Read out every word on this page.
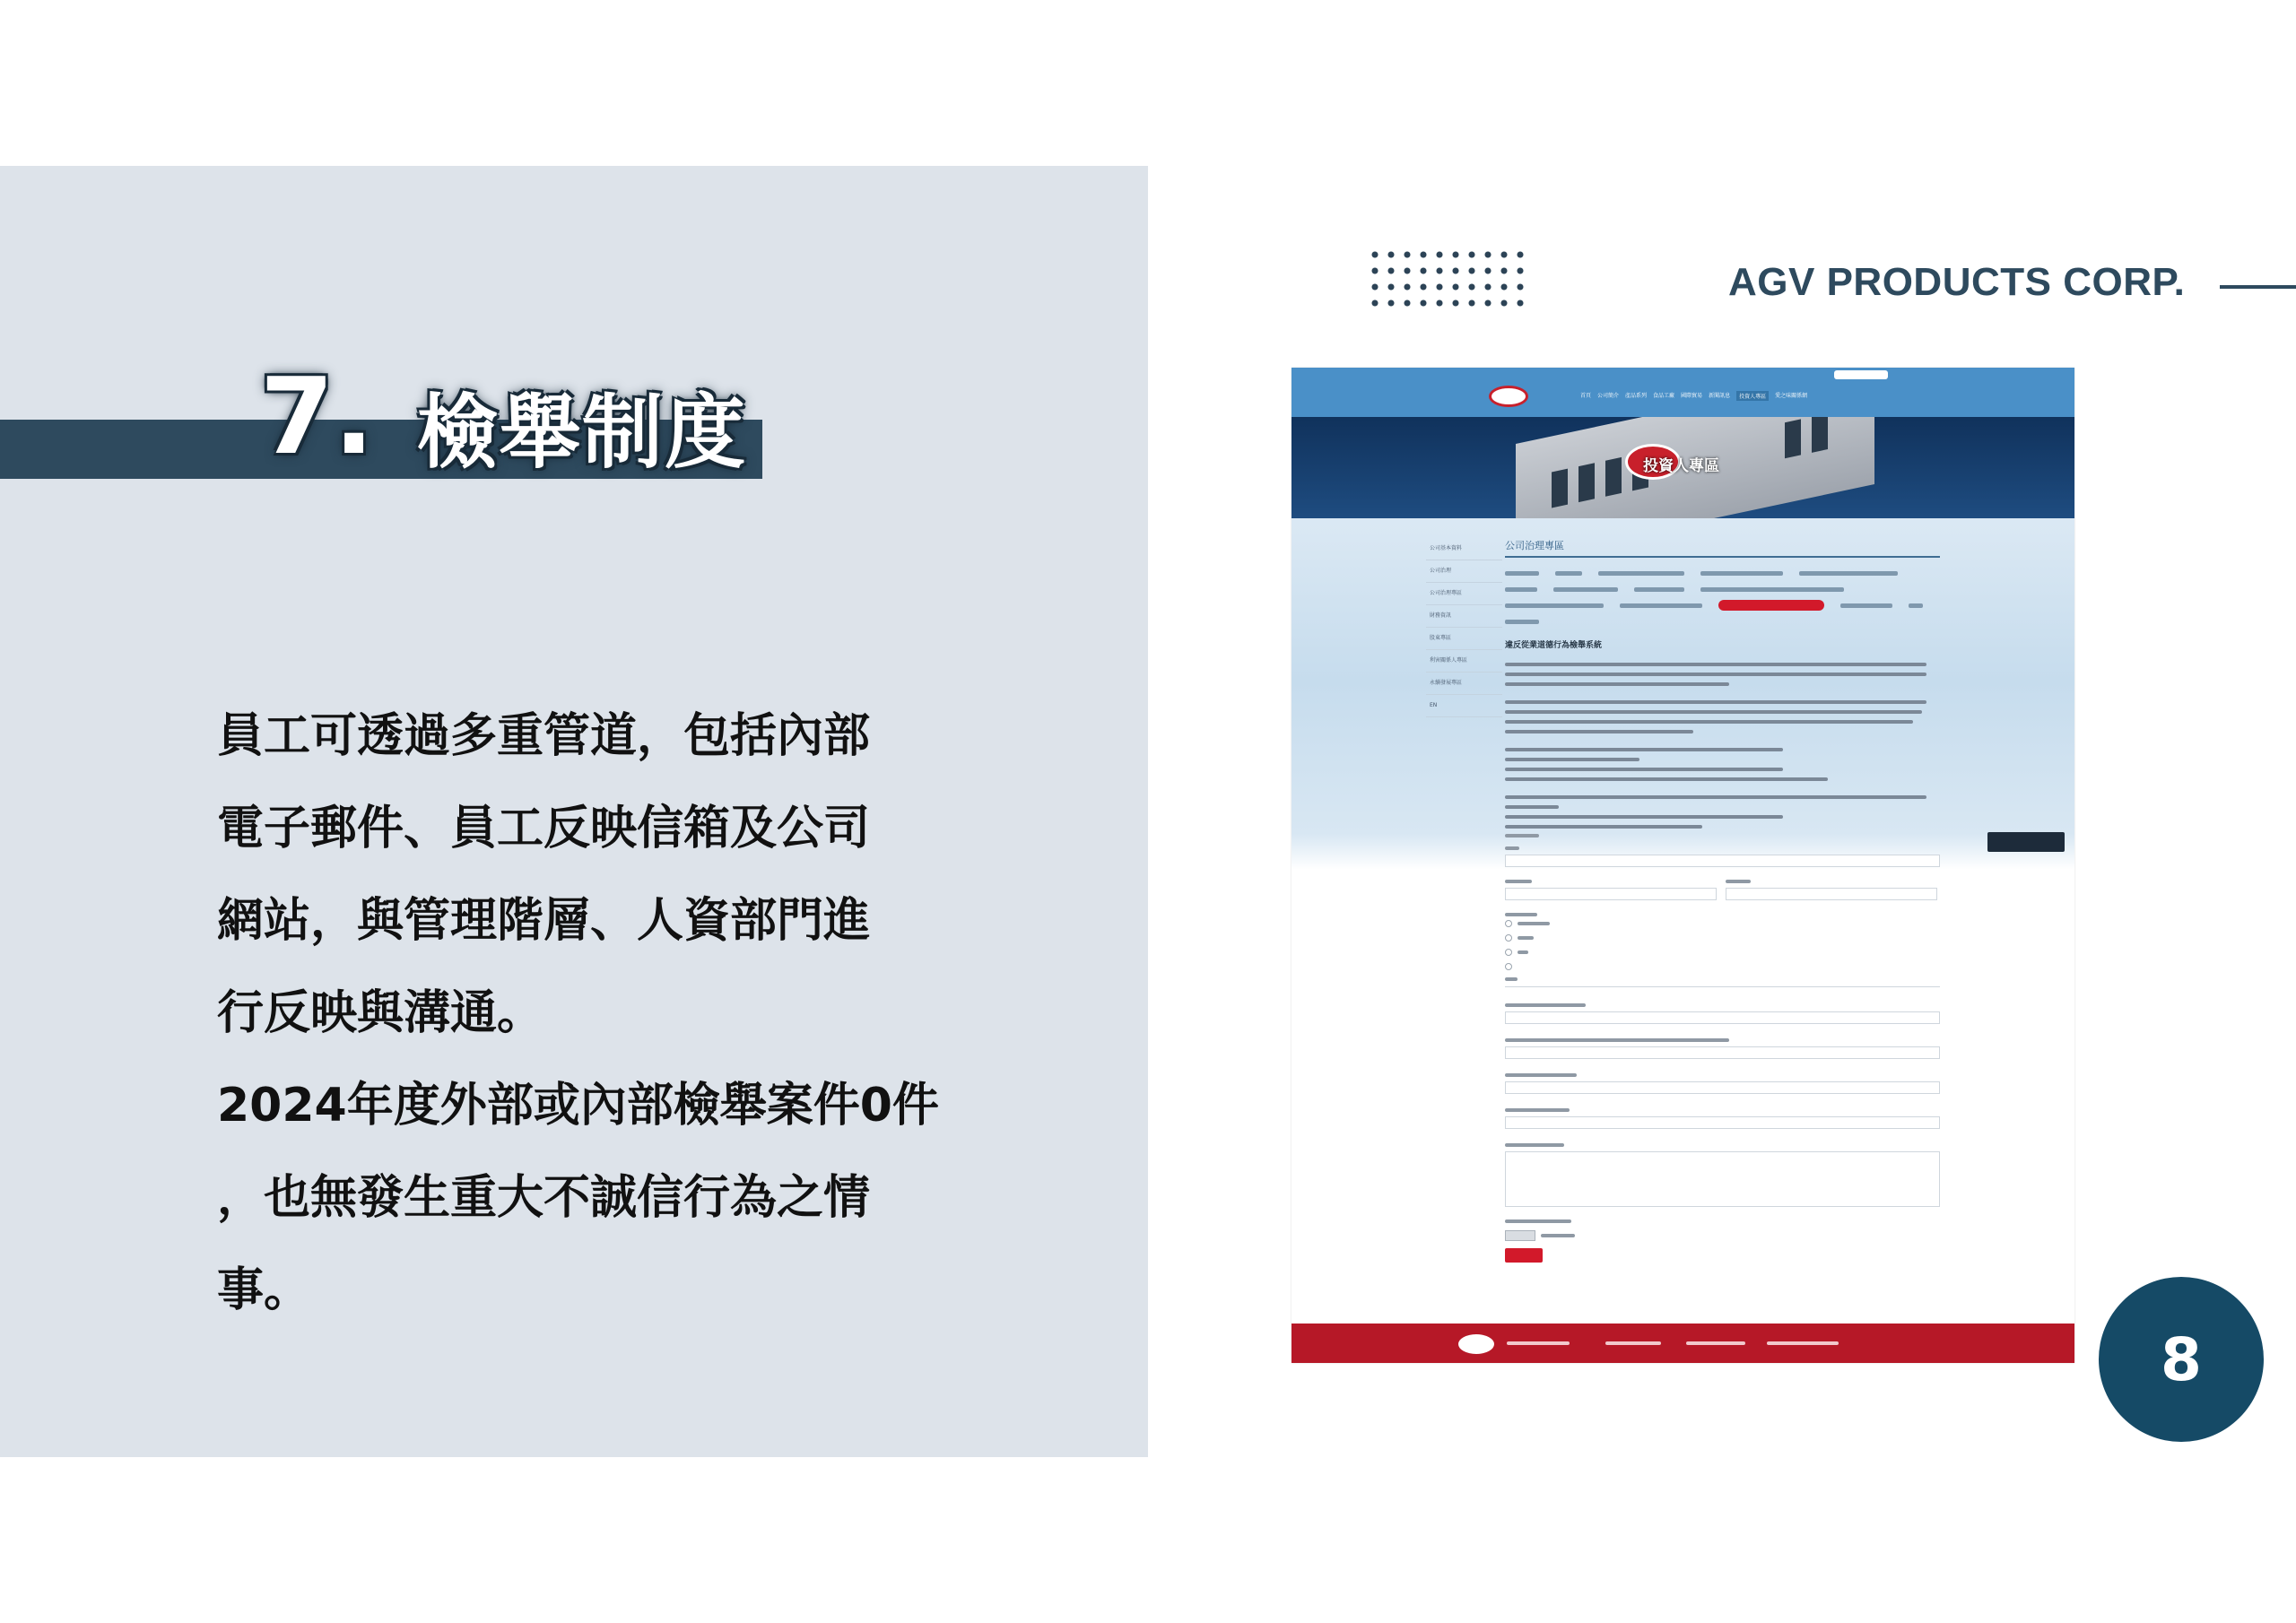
7. 檢舉制度

員工可透過多重管道，包括內部

電子郵件、員工反映信箱及公司

網站，與管理階層、人資部門進

行反映與溝通。

2024年度外部或內部檢舉案件0件

，也無發生重大不誠信行為之情

事。

AGV PRODUCTS CORP.
首頁 公司簡介 產品系列 食品工廠 國際貿易 新聞訊息	投資人專區	愛之味關係網
投資人專區
公司基本資料
公司治理
公司治理專區
財務資訊
股東專區
利害關係人專區
永續發展專區
EN
公司治理專區
違反從業道德行為檢舉系統
8
